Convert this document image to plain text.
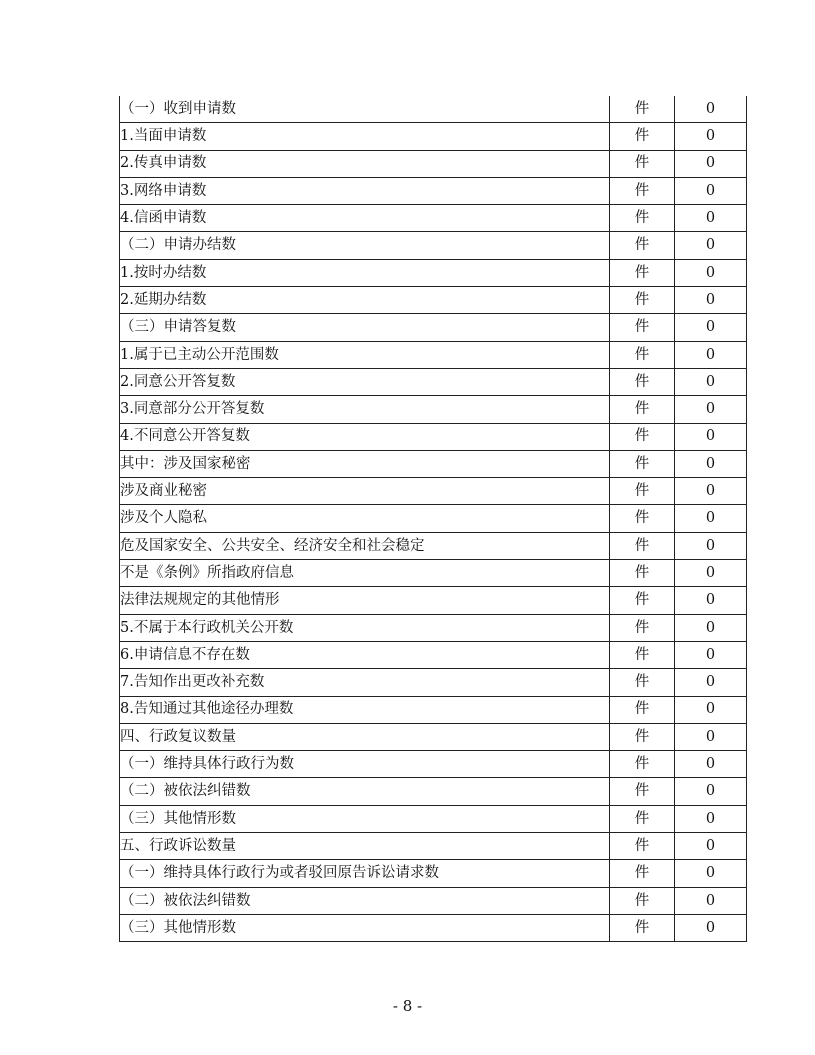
（一）收到申请数	件	0
1.当面申请数	件	0
2.传真申请数	件	0
3.网络申请数	件	0
4.信函申请数	件	0
（二）申请办结数	件	0
1.按时办结数	件	0
2.延期办结数	件	0
（三）申请答复数	件	0
1.属于已主动公开范围数	件	0
2.同意公开答复数	件	0
3.同意部分公开答复数	件	0
4.不同意公开答复数	件	0
其中：涉及国家秘密	件	0
涉及商业秘密	件	0
涉及个人隐私	件	0
危及国家安全、公共安全、经济安全和社会稳定	件	0
不是《条例》所指政府信息	件	0
法律法规规定的其他情形	件	0
5.不属于本行政机关公开数	件	0
6.申请信息不存在数	件	0
7.告知作出更改补充数	件	0
8.告知通过其他途径办理数	件	0
四、行政复议数量	件	0
（一）维持具体行政行为数	件	0
（二）被依法纠错数	件	0
（三）其他情形数	件	0
五、行政诉讼数量	件	0
（一）维持具体行政行为或者驳回原告诉讼请求数	件	0
（二）被依法纠错数	件	0
（三）其他情形数	件	0
- 8 -
